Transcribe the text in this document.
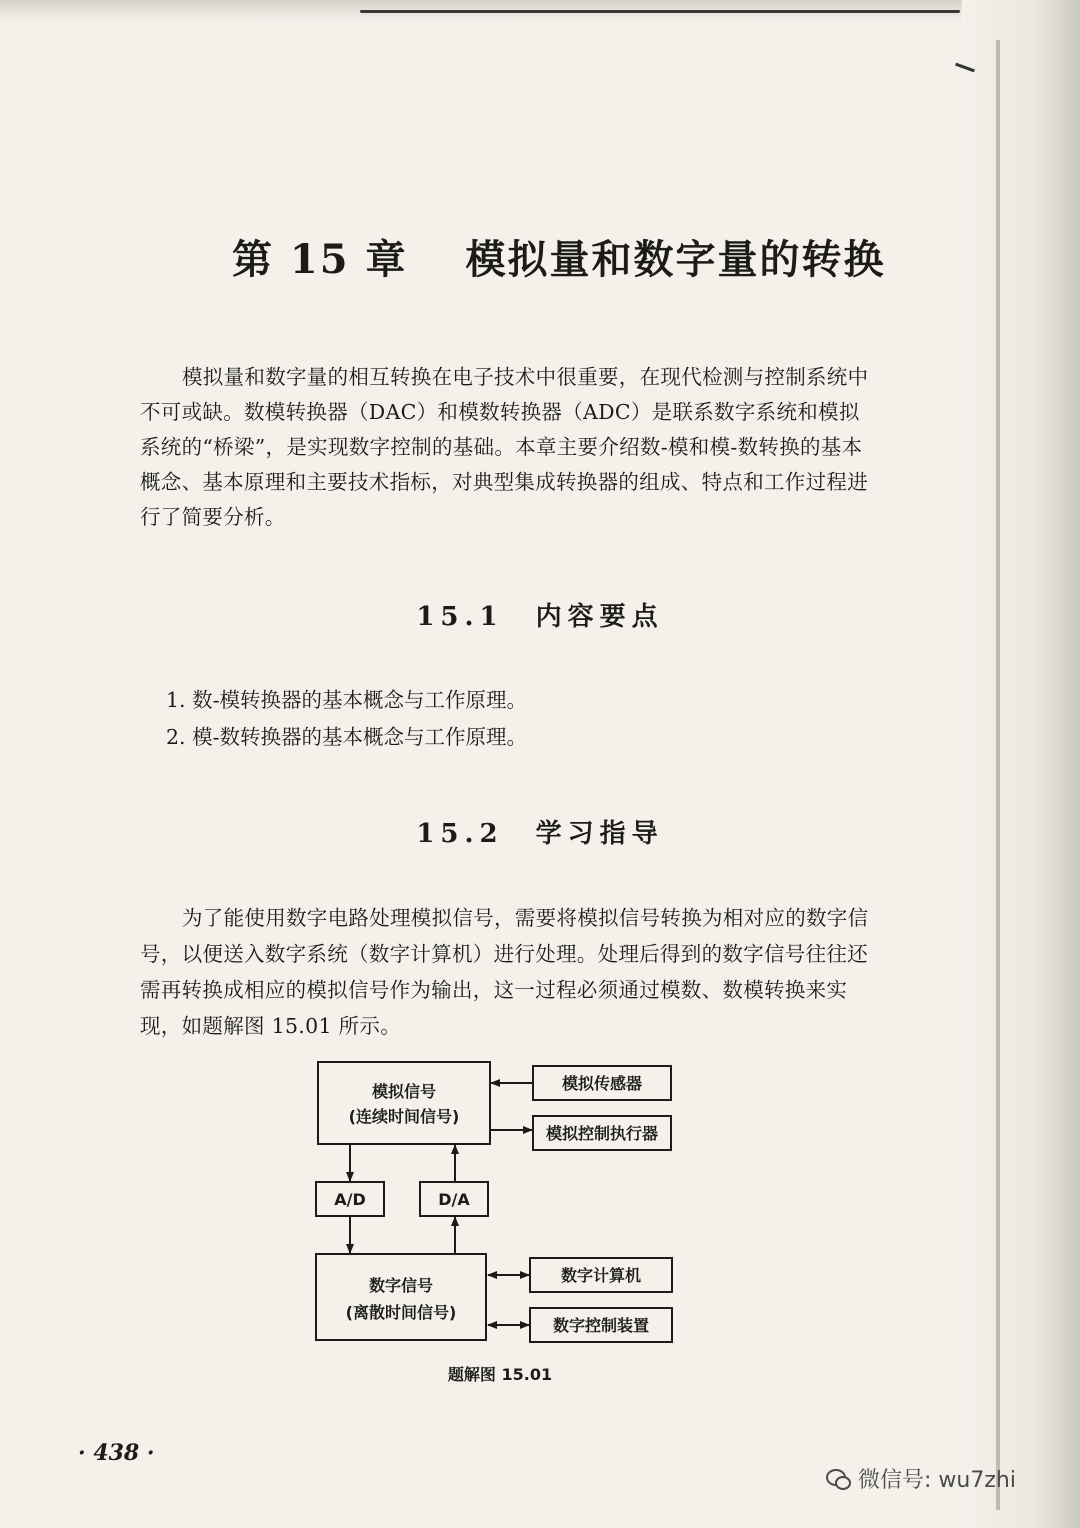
第 15 章　 模拟量和数字量的转换

模拟量和数字量的相互转换在电子技术中很重要，在现代检测与控制系统中不可或缺。数模转换器（DAC）和模数转换器（ADC）是联系数字系统和模拟系统的“桥梁”，是实现数字控制的基础。本章主要介绍数-模和模-数转换的基本概念、基本原理和主要技术指标，对典型集成转换器的组成、特点和工作过程进行了简要分析。

15.1　内容要点
1. 数-模转换器的基本概念与工作原理。
2. 模-数转换器的基本概念与工作原理。
15.2　学习指导

为了能使用数字电路处理模拟信号，需要将模拟信号转换为相对应的数字信号，以便送入数字系统（数字计算机）进行处理。处理后得到的数字信号往往还需再转换成相应的模拟信号作为输出，这一过程必须通过模数、数模转换来实现，如题解图 15.01 所示。

模拟信号
(连续时间信号)
模拟传感器
模拟控制执行器
A/D	D/A
数字信号
(离散时间信号)
数字计算机
数字控制装置
题解图 15.01
· 438 ·
微信号: wu7zhi
